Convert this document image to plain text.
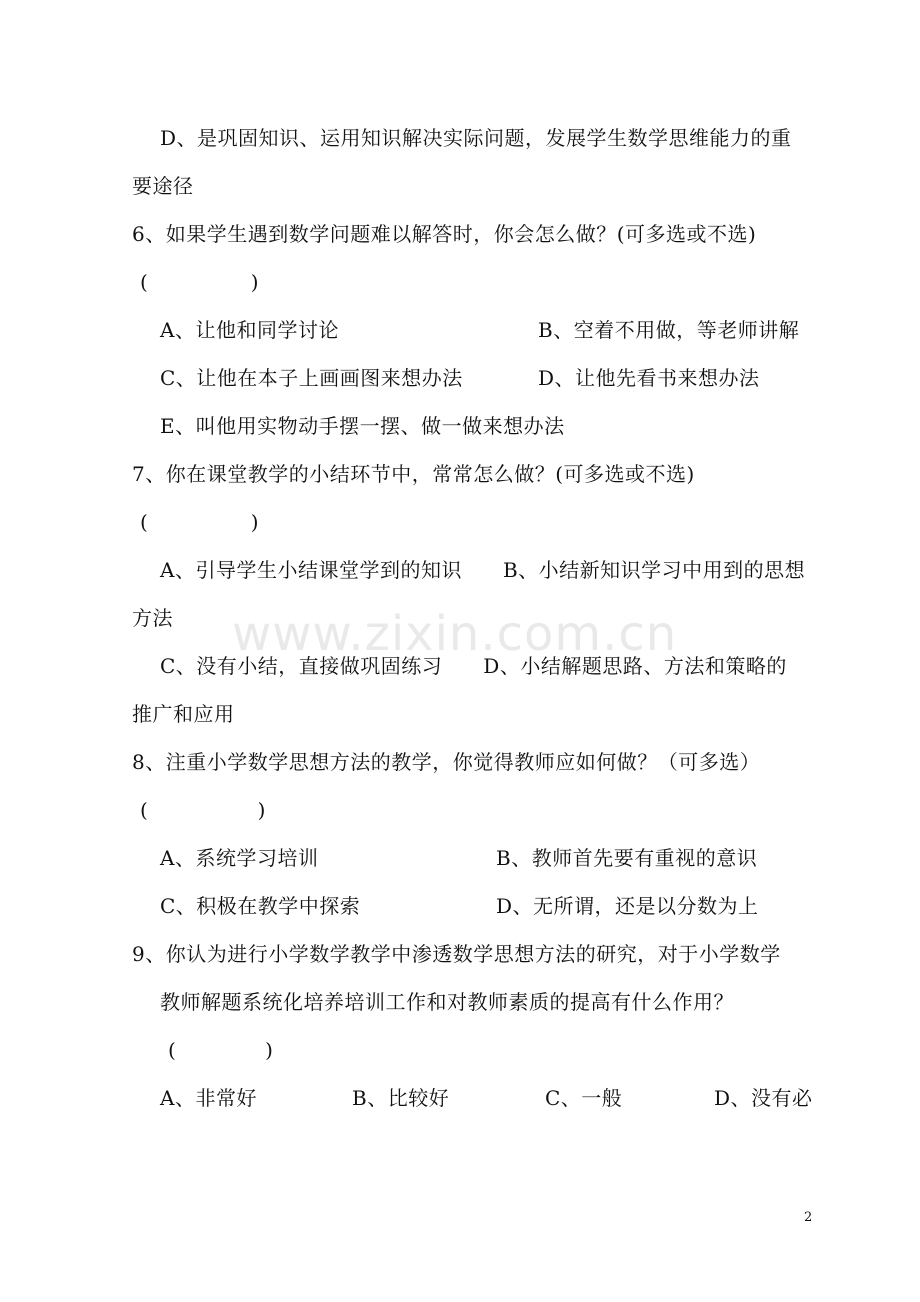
D、是巩固知识、运用知识解决实际问题，发展学生数学思维能力的重
要途径
6、如果学生遇到数学问题难以解答时，你会怎么做？(可多选或不选)
(　　　　　)
A、让他和同学讨论	B、空着不用做，等老师讲解
C、让他在本子上画画图来想办法	D、让他先看书来想办法
E、叫他用实物动手摆一摆、做一做来想办法
7、你在课堂教学的小结环节中，常常怎么做？(可多选或不选)
(　　　　　)
A、引导学生小结课堂学到的知识　　B、小结新知识学习中用到的思想
方法
C、没有小结，直接做巩固练习　　D、小结解题思路、方法和策略的
推广和应用
8、注重小学数学思想方法的教学，你觉得教师应如何做？（可多选）
(　　　　　 )
A、系统学习培训	B、教师首先要有重视的意识
C、积极在教学中探索	D、无所谓，还是以分数为上
9、你认为进行小学数学教学中渗透数学思想方法的研究，对于小学数学
教师解题系统化培养培训工作和对教师素质的提高有什么作用？
(　　　　 )
A、非常好	B、比较好	C、一般	D、没有必
www.zixin.com.cn
2
